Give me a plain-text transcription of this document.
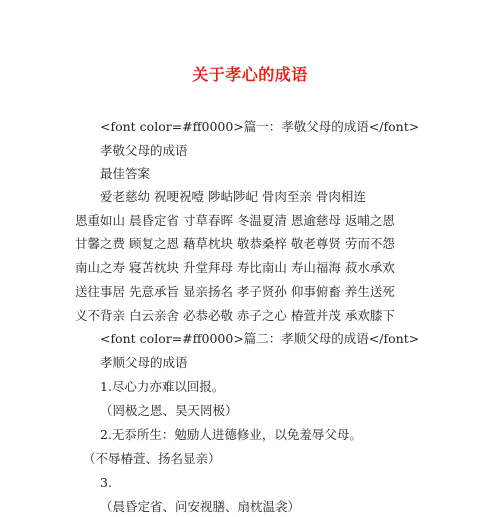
关于孝心的成语
<font color=#ff0000>篇一：孝敬父母的成语</font>
孝敬父母的成语
最佳答案
爱老慈幼 祝哽祝噎 陟岵陟屺 骨肉至亲 骨肉相连
恩重如山 晨昏定省 寸草春晖 冬温夏清 恩逾慈母 返哺之恩
甘馨之费 顾复之恩 藉草枕块 敬恭桑梓 敬老尊贤 劳而不怨
南山之寿 寝苫枕块 升堂拜母 寿比南山 寿山福海 菽水承欢
送往事居 先意承旨 显亲扬名 孝子贤孙 仰事俯畜 养生送死
义不背亲 白云亲舍 必恭必敬 赤子之心 椿萱并茂 承欢膝下
<font color=#ff0000>篇二：孝顺父母的成语</font>
孝顺父母的成语
1.尽心力亦难以回报。
（罔极之恩、昊天罔极）
2.无忝所生：勉励人进德修业，以免羞辱父母。
（不辱椿萱、扬名显亲）
3.
（晨昏定省、问安视膳、扇枕温衾）
